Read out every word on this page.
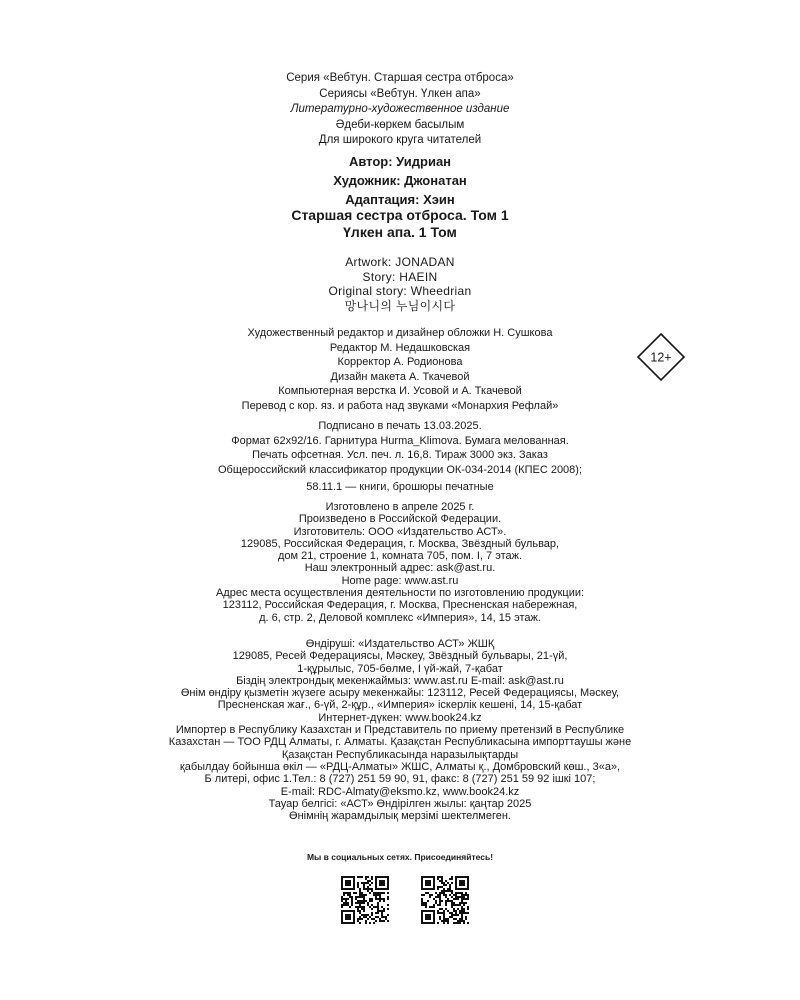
Серия «Вебтун. Старшая сестра отброса»
Сериясы «Вебтун. Үлкен апа»
Литературно-художественное издание
Әдеби-көркем басылым
Для широкого круга читателей
Автор: Уидриан
Художник: Джонатан
Адаптация: Хэин
Старшая сестра отброса. Том 1
Үлкен апа. 1 Том
Artwork: JONADAN
Story: HAEIN
Original story: Wheedrian
망나니의 누님이시다
Художественный редактор и дизайнер обложки Н. Сушкова
Редактор М. Недашковская
Корректор А. Родионова
Дизайн макета А. Ткачевой
Компьютерная верстка И. Усовой и А. Ткачевой
Перевод с кор. яз. и работа над звуками «Монархия Рефлай»
12+
Подписано в печать 13.03.2025.
Формат 62x92/16. Гарнитура Hurma_Klimova. Бумага мелованная.
Печать офсетная. Усл. печ. л. 16,8. Тираж 3000 экз. Заказ
Общероссийский классификатор продукции ОК-034-2014 (КПЕС 2008);
58.11.1 — книги, брошюры печатные
Изготовлено в апреле 2025 г.
Произведено в Российской Федерации.
Изготовитель: ООО «Издательство АСТ».
129085, Российская Федерация, г. Москва, Звёздный бульвар,
дом 21, строение 1, комната 705, пом. I, 7 этаж.
Наш электронный адрес: ask@ast.ru.
Home page: www.ast.ru
Адрес места осуществления деятельности по изготовлению продукции:
123112, Российская Федерация, г. Москва, Пресненская набережная,
д. 6, стр. 2, Деловой комплекс «Империя», 14, 15 этаж.
Өндіруші: «Издательство АСТ» ЖШҚ
129085, Ресей Федерациясы, Мәскеу, Звёздный бульвары, 21-үй,
1-құрылыс, 705-бөлме, I үй-жай, 7-қабат
Біздің электрондық мекенжаймыз: www.ast.ru E-mail: ask@ast.ru
Өнім өндіру қызметін жүзеге асыру мекенжайы: 123112, Ресей Федерациясы, Мәскеу,
Пресненская жағ., 6-үй, 2-құр., «Империя» іскерлік кешені, 14, 15-қабат
Интернет-дүкен: www.book24.kz
Импортер в Республику Казахстан и Представитель по приему претензий в Республике
Казахстан — ТОО РДЦ Алматы, г. Алматы. Қазақстан Республикасына импорттаушы және
Қазақстан Республикасында наразылықтарды
қабылдау бойынша өкіл — «РДЦ-Алматы» ЖШС, Алматы қ., Домбровский көш., 3«а»,
Б литері, офис 1.Тел.: 8 (727) 251 59 90, 91, факс: 8 (727) 251 59 92 ішкі 107;
E-mail: RDC-Almaty@eksmo.kz, www.book24.kz
Тауар белгісі: «АСТ» Өндірілген жылы: қаңтар 2025
Өнімнің жарамдылық мерзімі шектелмеген.
Мы в социальных сетях. Присоединяйтесь!
